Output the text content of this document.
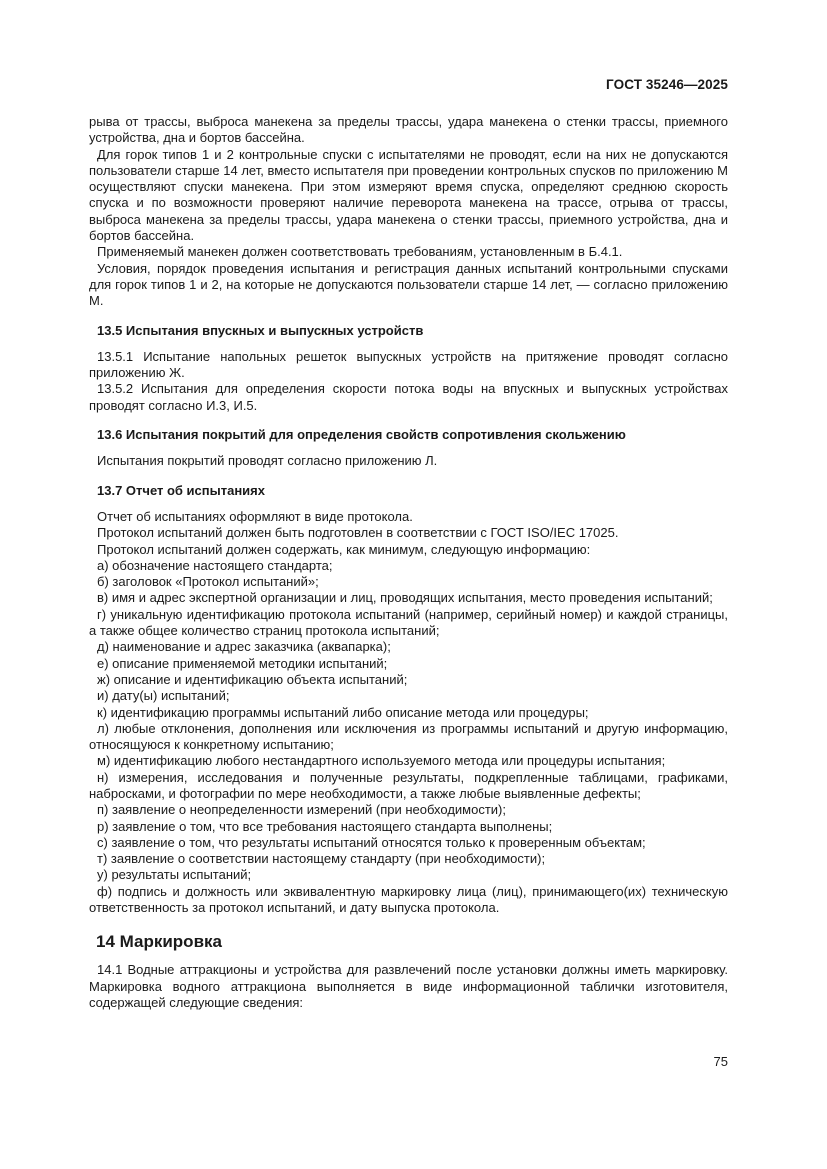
ГОСТ 35246—2025

рыва от трассы, выброса манекена за пределы трассы, удара манекена о стенки трассы, приемного устройства, дна и бортов бассейна.

Для горок типов 1 и 2 контрольные спуски с испытателями не проводят, если на них не допускаются пользователи старше 14 лет, вместо испытателя при проведении контрольных спусков по приложению М осуществляют спуски манекена. При этом измеряют время спуска, определяют среднюю скорость спуска и по возможности проверяют наличие переворота манекена на трассе, отрыва от трассы, выброса манекена за пределы трассы, удара манекена о стенки трассы, приемного устройства, дна и бортов бассейна.

Применяемый манекен должен соответствовать требованиям, установленным в Б.4.1.

Условия, порядок проведения испытания и регистрация данных испытаний контрольными спусками для горок типов 1 и 2, на которые не допускаются пользователи старше 14 лет, — согласно приложению М.

13.5 Испытания впускных и выпускных устройств

13.5.1 Испытание напольных решеток выпускных устройств на притяжение проводят согласно приложению Ж.

13.5.2 Испытания для определения скорости потока воды на впускных и выпускных устройствах проводят согласно И.3, И.5.

13.6 Испытания покрытий для определения свойств сопротивления скольжению

Испытания покрытий проводят согласно приложению Л.

13.7 Отчет об испытаниях

Отчет об испытаниях оформляют в виде протокола.

Протокол испытаний должен быть подготовлен в соответствии с ГОСТ ISO/IEC 17025.

Протокол испытаний должен содержать, как минимум, следующую информацию:

а) обозначение настоящего стандарта;

б) заголовок «Протокол испытаний»;

в) имя и адрес экспертной организации и лиц, проводящих испытания, место проведения испытаний;

г) уникальную идентификацию протокола испытаний (например, серийный номер) и каждой страницы, а также общее количество страниц протокола испытаний;

д) наименование и адрес заказчика (аквапарка);

е) описание применяемой методики испытаний;

ж) описание и идентификацию объекта испытаний;

и) дату(ы) испытаний;

к) идентификацию программы испытаний либо описание метода или процедуры;

л) любые отклонения, дополнения или исключения из программы испытаний и другую информацию, относящуюся к конкретному испытанию;

м) идентификацию любого нестандартного используемого метода или процедуры испытания;

н) измерения, исследования и полученные результаты, подкрепленные таблицами, графиками, набросками, и фотографии по мере необходимости, а также любые выявленные дефекты;

п) заявление о неопределенности измерений (при необходимости);

р) заявление о том, что все требования настоящего стандарта выполнены;

с) заявление о том, что результаты испытаний относятся только к проверенным объектам;

т) заявление о соответствии настоящему стандарту (при необходимости);

у) результаты испытаний;

ф) подпись и должность или эквивалентную маркировку лица (лиц), принимающего(их) техническую ответственность за протокол испытаний, и дату выпуска протокола.

14 Маркировка

14.1 Водные аттракционы и устройства для развлечений после установки должны иметь маркировку. Маркировка водного аттракциона выполняется в виде информационной таблички изготовителя, содержащей следующие сведения:

75
